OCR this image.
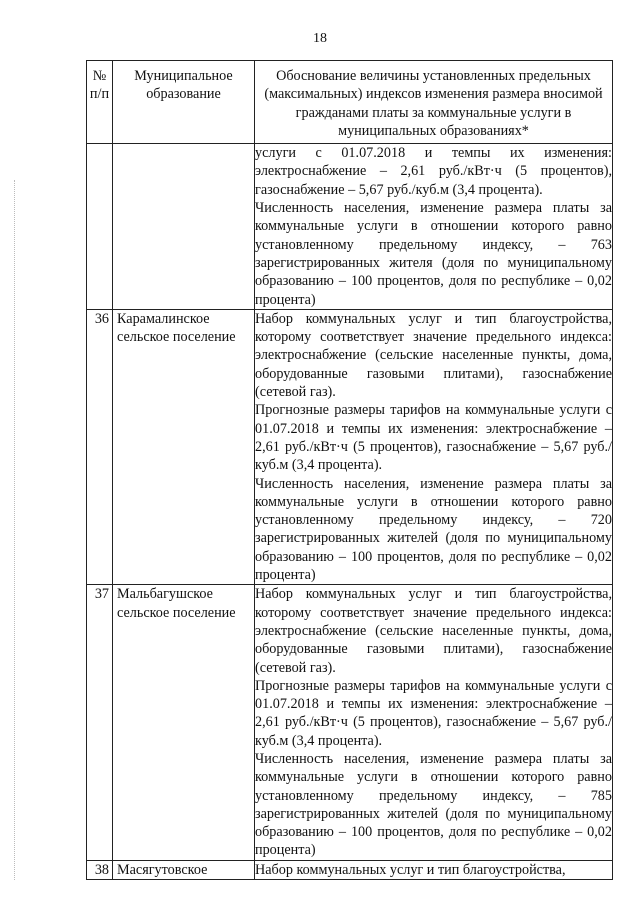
18
№ п/п	Муниципальное образование	Обоснование величины установленных предельных (максимальных) индексов изменения размера вносимой гражданами платы за коммунальные услуги в муниципальных образованиях*

		услуги с 01.07.2018 и темпы их изменения: электроснабжение – 2,61 руб./кВт·ч (5 процентов), газоснабжение – 5,67 руб./куб.м (3,4 процента).

Численность населения, изменение размера платы за коммунальные услуги в отношении которого равно установленному предельному индексу, – 763 зарегистрированных жителя (доля по муниципальному образованию – 100 процентов, доля по республике – 0,02 процента)

36	Карамалинское сельское поселение	Набор коммунальных услуг и тип благоустройства, которому соответствует значение предельного индекса: электроснабжение (сельские населенные пункты, дома, оборудованные газовыми плитами), газоснабжение (сетевой газ).

Прогнозные размеры тарифов на коммунальные услуги с 01.07.2018 и темпы их изменения: электроснабжение – 2,61 руб./кВт·ч (5 процентов), газоснабжение – 5,67 руб./куб.м (3,4 процента).

Численность населения, изменение размера платы за коммунальные услуги в отношении которого равно установленному предельному индексу, – 720 зарегистрированных жителей (доля по муниципальному образованию – 100 процентов, доля по республике – 0,02 процента)

37	Мальбагушское сельское поселение	Набор коммунальных услуг и тип благоустройства, которому соответствует значение предельного индекса: электроснабжение (сельские населенные пункты, дома, оборудованные газовыми плитами), газоснабжение (сетевой газ).

Прогнозные размеры тарифов на коммунальные услуги с 01.07.2018 и темпы их изменения: электроснабжение – 2,61 руб./кВт·ч (5 процентов), газоснабжение – 5,67 руб./куб.м (3,4 процента).

Численность населения, изменение размера платы за коммунальные услуги в отношении которого равно установленному предельному индексу, – 785 зарегистрированных жителей (доля по муниципальному образованию – 100 процентов, доля по республике – 0,02 процента)

38	Масягутовское	Набор коммунальных услуг и тип благоустройства,
